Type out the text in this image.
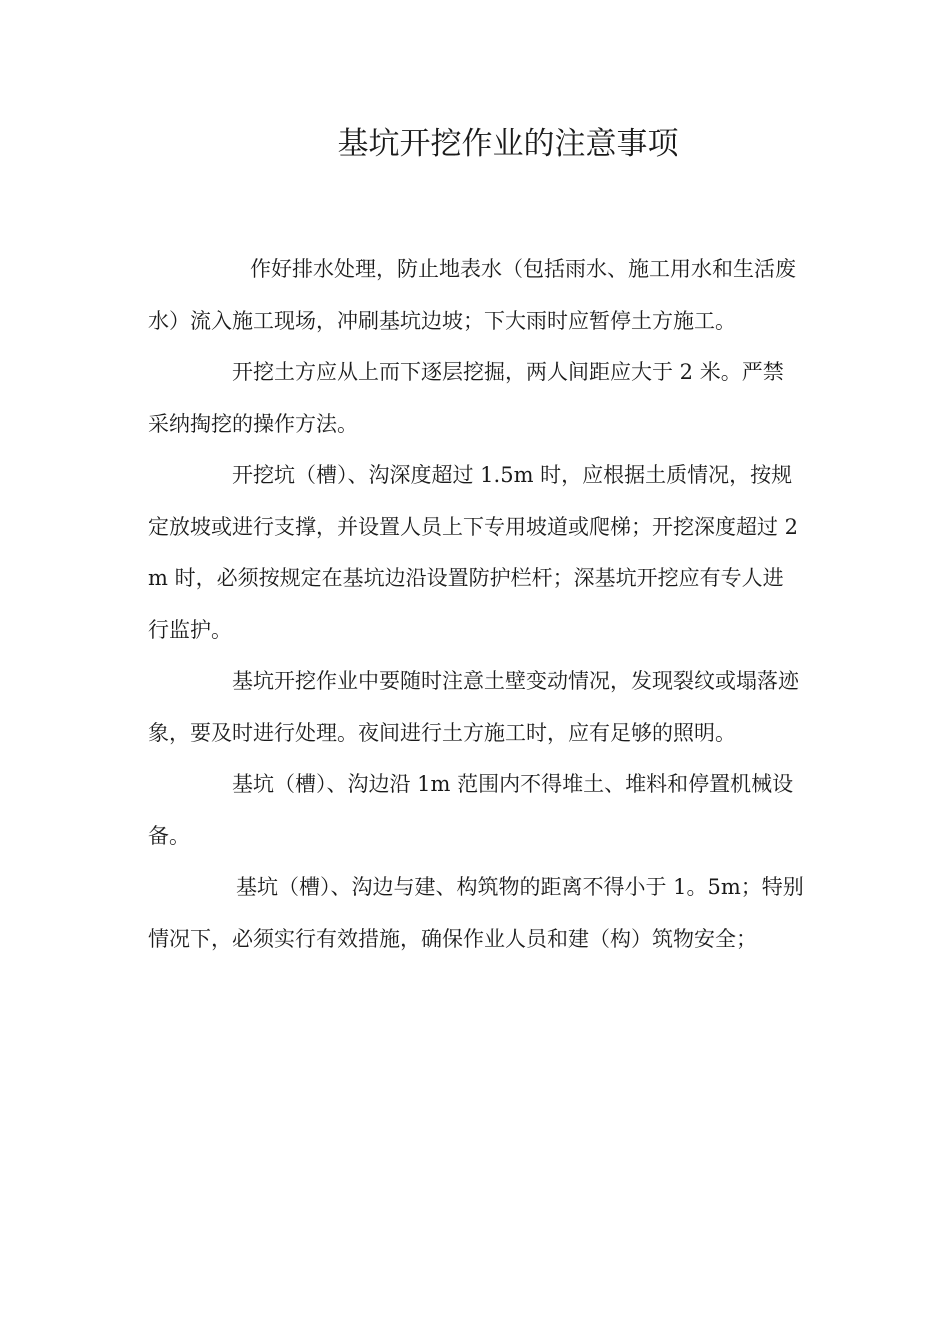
基坑开挖作业的注意事项

作好排水处理，防止地表水（包括雨水、施工用水和生活废水）流入施工现场，冲刷基坑边坡；下大雨时应暂停土方施工。

开挖土方应从上而下逐层挖掘，两人间距应大于 2 米。严禁采纳掏挖的操作方法。

开挖坑（槽）、沟深度超过 1.5m 时，应根据土质情况，按规定放坡或进行支撑，并设置人员上下专用坡道或爬梯；开挖深度超过 2m 时，必须按规定在基坑边沿设置防护栏杆；深基坑开挖应有专人进行监护。

基坑开挖作业中要随时注意土壁变动情况，发现裂纹或塌落迹象，要及时进行处理。夜间进行土方施工时，应有足够的照明。

基坑（槽）、沟边沿 1m 范围内不得堆土、堆料和停置机械设备。

基坑（槽）、沟边与建、构筑物的距离不得小于 1。5m；特别情况下，必须实行有效措施，确保作业人员和建（构）筑物安全；
